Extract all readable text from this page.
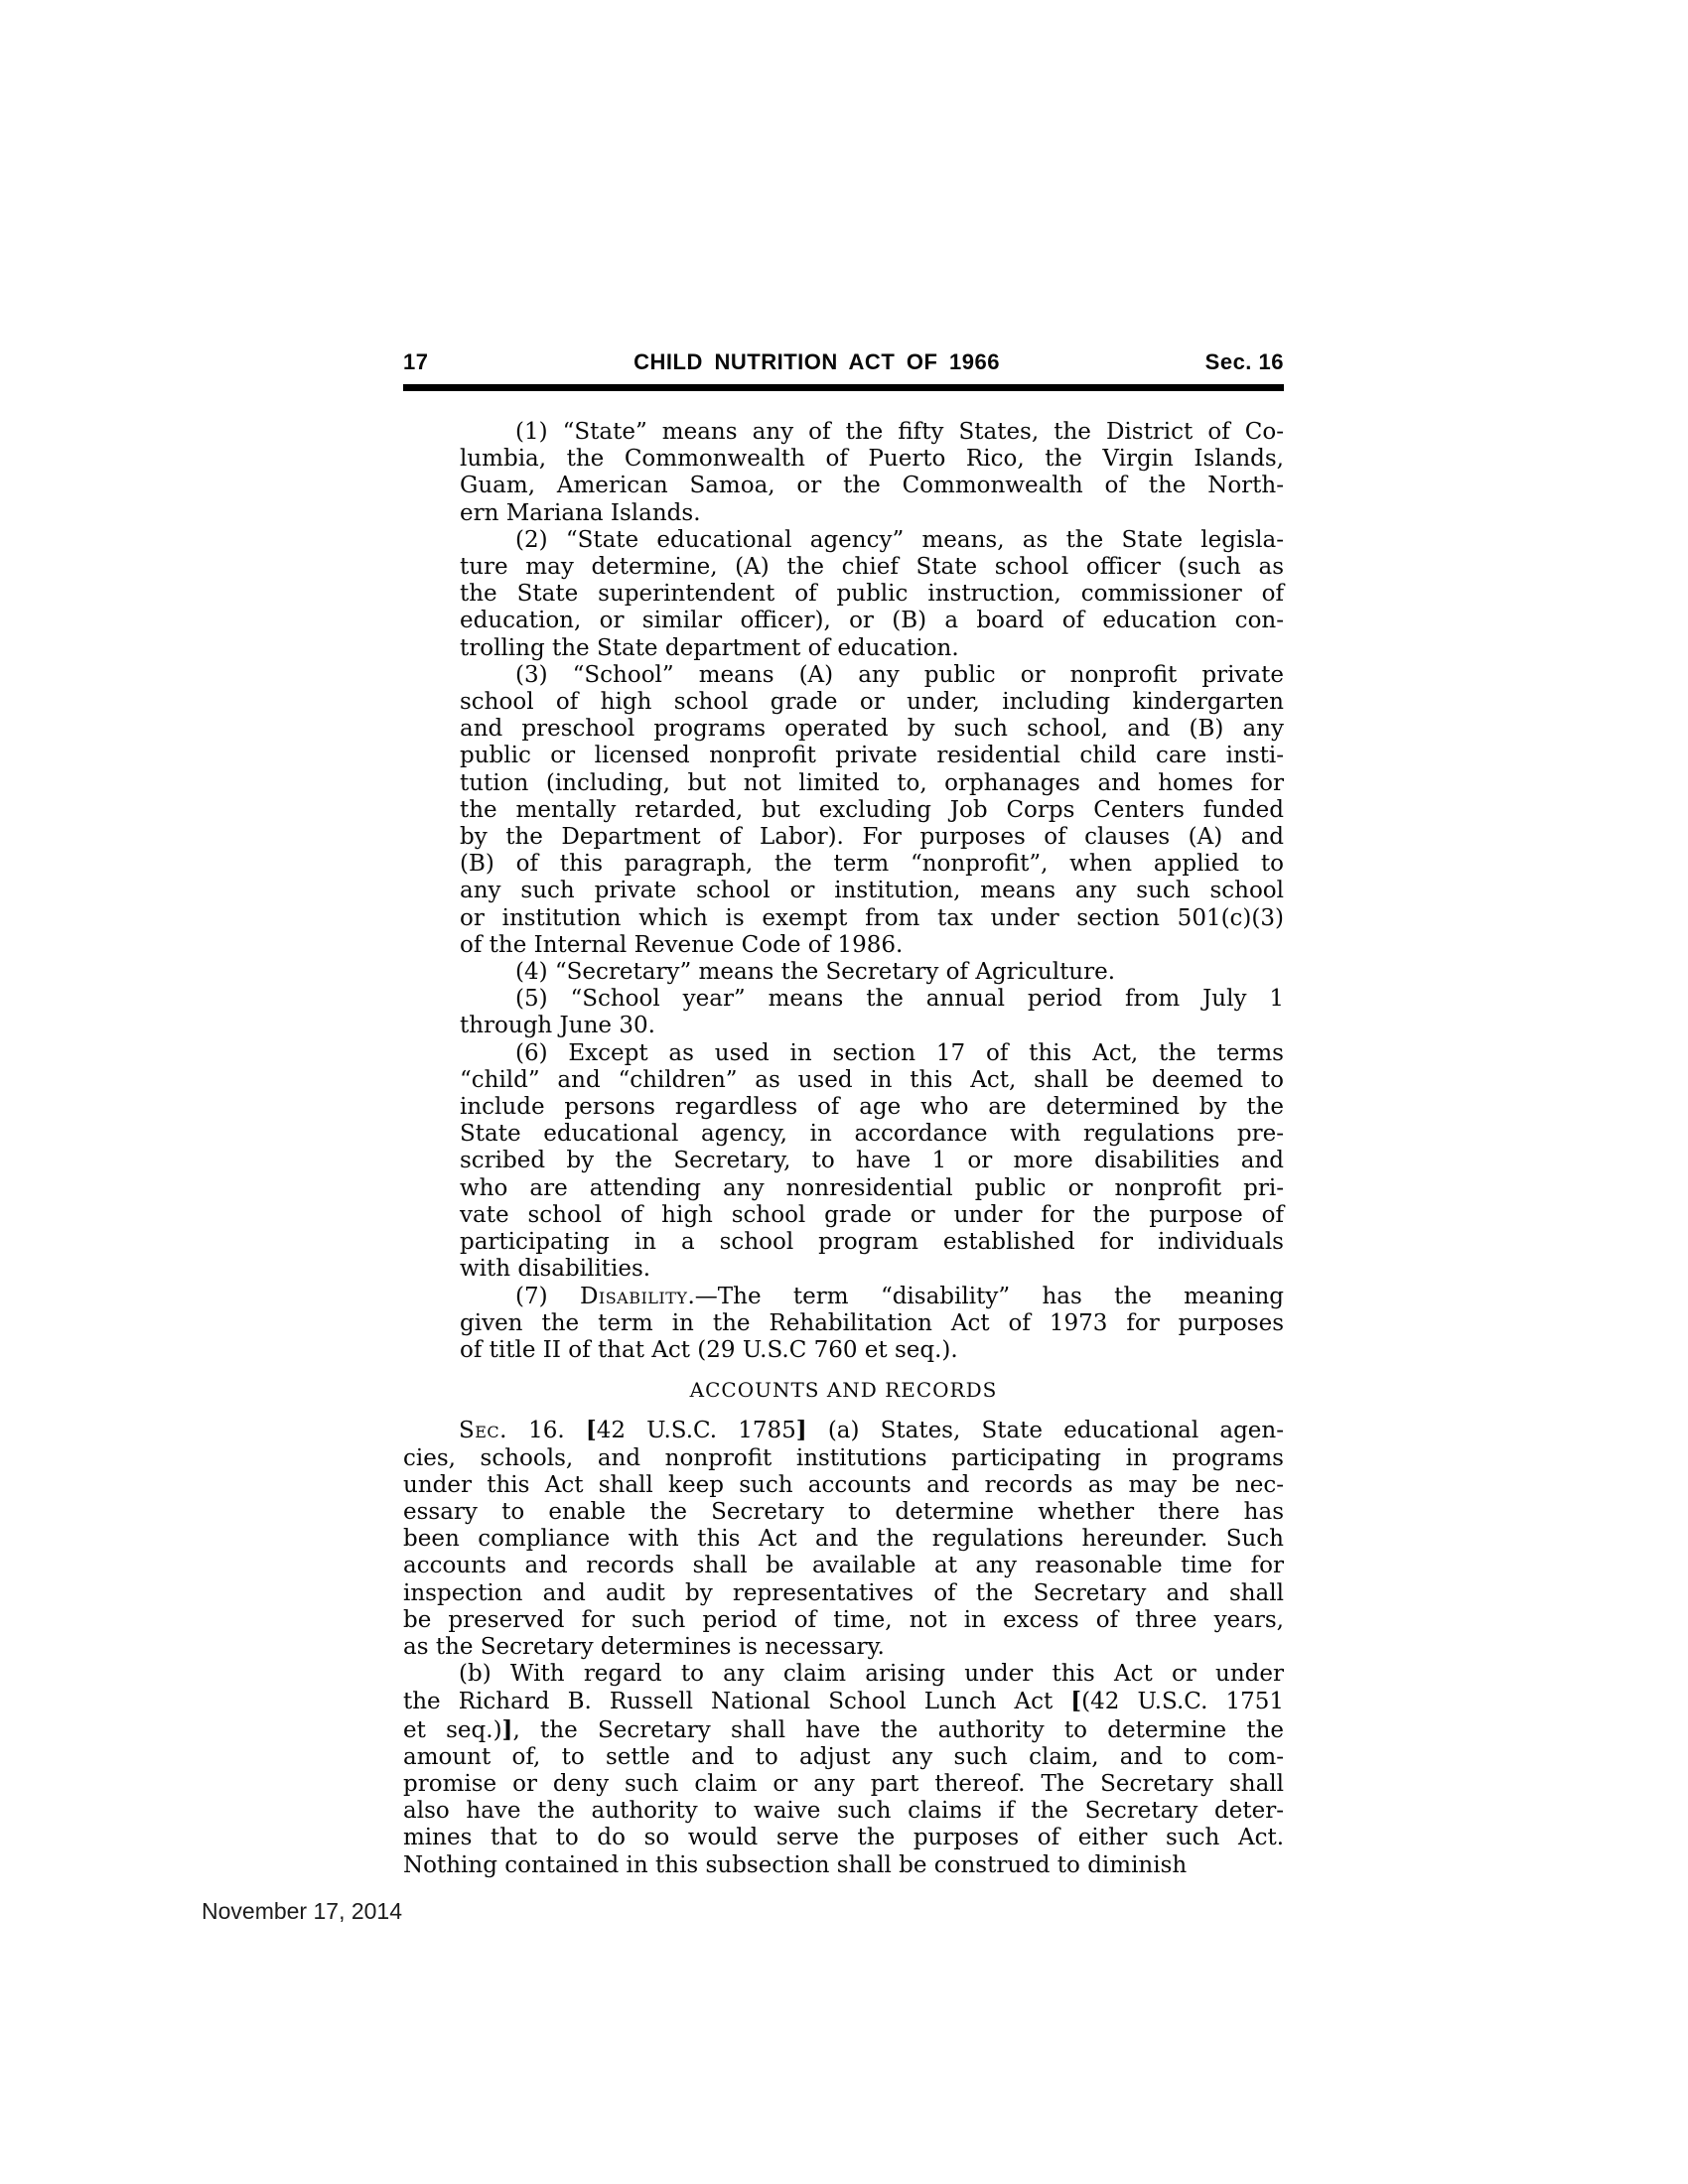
17	CHILD NUTRITION ACT OF 1966	Sec. 16
(1) “State” means any of the fifty States, the District of Co-
lumbia, the Commonwealth of Puerto Rico, the Virgin Islands,
Guam, American Samoa, or the Commonwealth of the North-
ern Mariana Islands.
(2) “State educational agency” means, as the State legisla-
ture may determine, (A) the chief State school officer (such as
the State superintendent of public instruction, commissioner of
education, or similar officer), or (B) a board of education con-
trolling the State department of education.
(3) “School” means (A) any public or nonprofit private
school of high school grade or under, including kindergarten
and preschool programs operated by such school, and (B) any
public or licensed nonprofit private residential child care insti-
tution (including, but not limited to, orphanages and homes for
the mentally retarded, but excluding Job Corps Centers funded
by the Department of Labor). For purposes of clauses (A) and
(B) of this paragraph, the term “nonprofit”, when applied to
any such private school or institution, means any such school
or institution which is exempt from tax under section 501(c)(3)
of the Internal Revenue Code of 1986.
(4) “Secretary” means the Secretary of Agriculture.
(5) “School year” means the annual period from July 1
through June 30.
(6) Except as used in section 17 of this Act, the terms
“child” and “children” as used in this Act, shall be deemed to
include persons regardless of age who are determined by the
State educational agency, in accordance with regulations pre-
scribed by the Secretary, to have 1 or more disabilities and
who are attending any nonresidential public or nonprofit pri-
vate school of high school grade or under for the purpose of
participating in a school program established for individuals
with disabilities.
(7) Disability.—The term “disability” has the meaning
given the term in the Rehabilitation Act of 1973 for purposes
of title II of that Act (29 U.S.C 760 et seq.).
ACCOUNTS AND RECORDS
Sec. 16. [42 U.S.C. 1785] (a) States, State educational agen-
cies, schools, and nonprofit institutions participating in programs
under this Act shall keep such accounts and records as may be nec-
essary to enable the Secretary to determine whether there has
been compliance with this Act and the regulations hereunder. Such
accounts and records shall be available at any reasonable time for
inspection and audit by representatives of the Secretary and shall
be preserved for such period of time, not in excess of three years,
as the Secretary determines is necessary.
(b) With regard to any claim arising under this Act or under
the Richard B. Russell National School Lunch Act [(42 U.S.C. 1751
et seq.)], the Secretary shall have the authority to determine the
amount of, to settle and to adjust any such claim, and to com-
promise or deny such claim or any part thereof. The Secretary shall
also have the authority to waive such claims if the Secretary deter-
mines that to do so would serve the purposes of either such Act.
Nothing contained in this subsection shall be construed to diminish
November 17, 2014
